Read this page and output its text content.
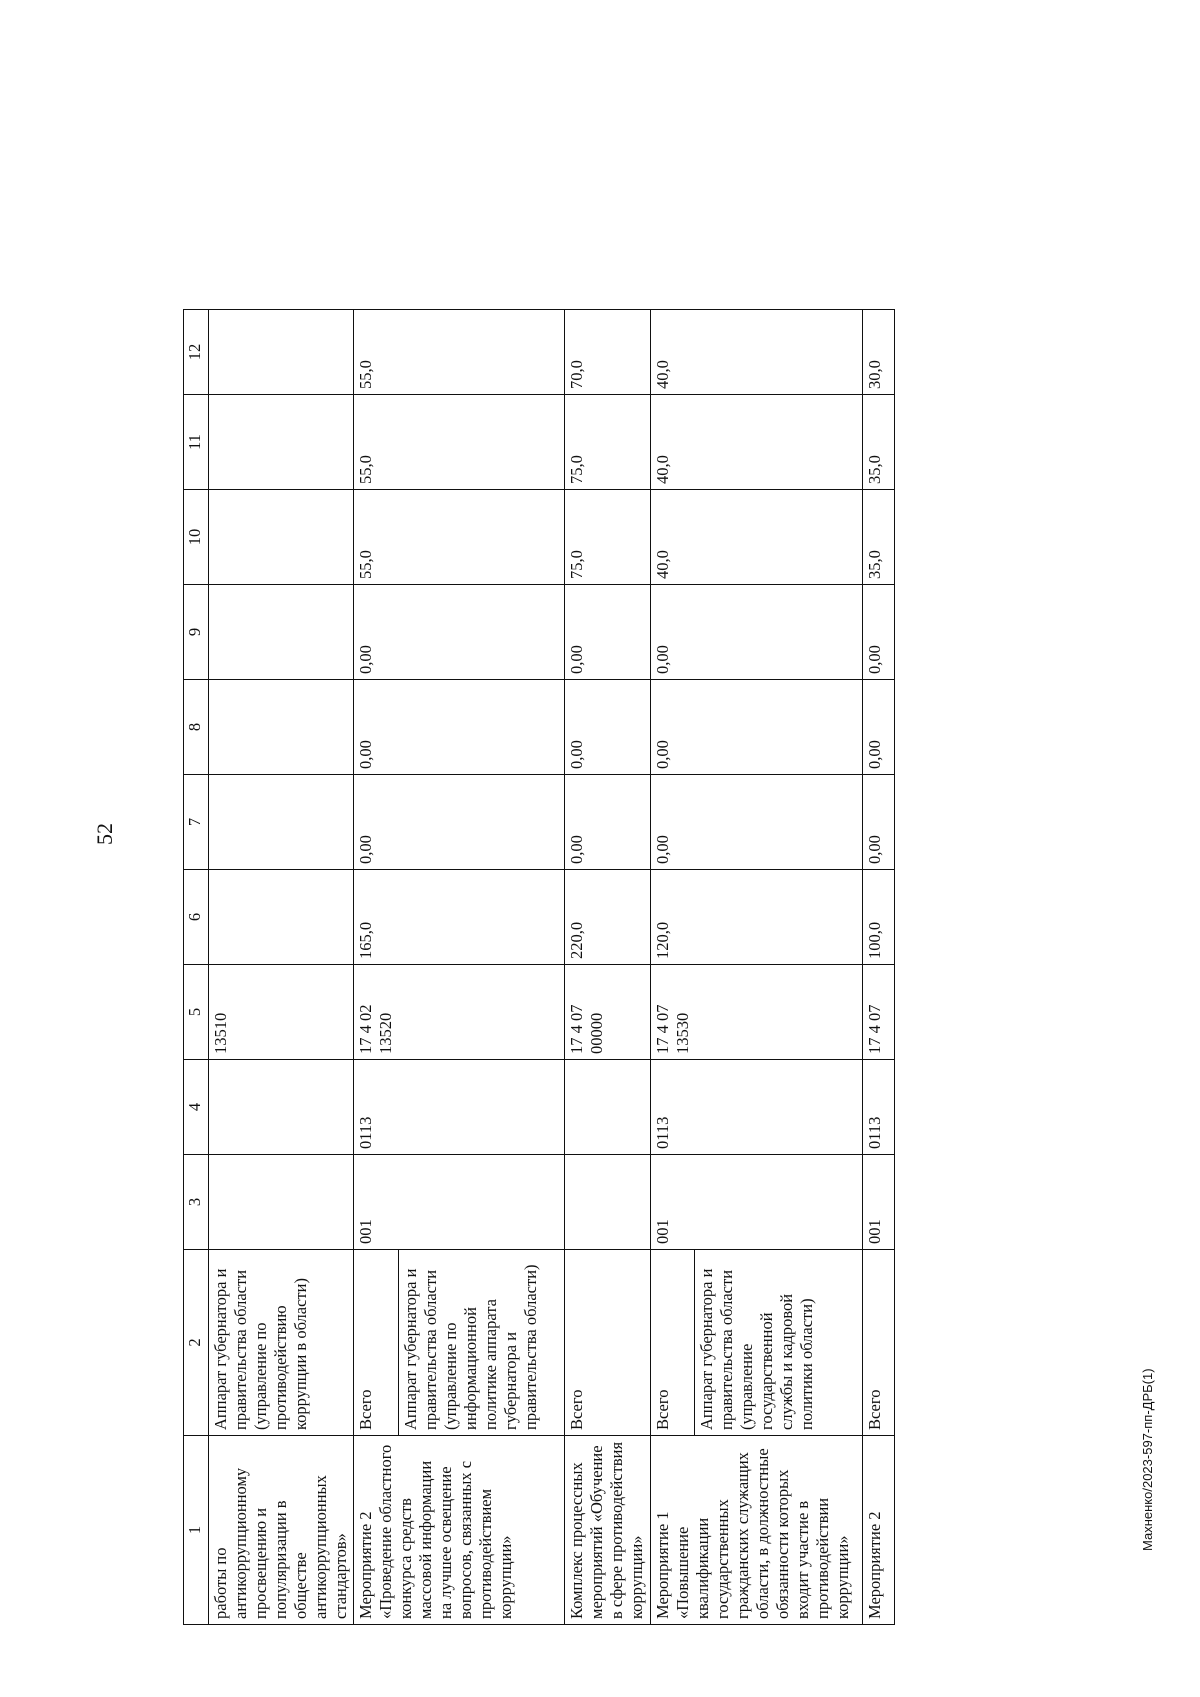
52
Махненко/2023-597-пп-ДРБ(1)
1	2	3	4	5	6	7	8	9	10	11	12
работы по антикоррупционному просвещению и популяризации в обществе антикоррупционных стандартов»	Аппарат губернатора и правительства области (управление по противодействию коррупции в области)			13510							
Мероприятие 2 «Проведение областного конкурса средств массовой информации на лучшее освещение вопросов, связанных с противодействием коррупции»	Всего	001	0113	17 4 02 13520	165,0	0,00	0,00	0,00	55,0	55,0	55,0
	Аппарат губернатора и правительства области (управление по информационной политике аппарата губернатора и правительства области)										
Комплекс процессных мероприятий «Обучение в сфере противодействия коррупции»	Всего			17 4 07 00000	220,0	0,00	0,00	0,00	75,0	75,0	70,0
Мероприятие 1 «Повышение квалификации государственных гражданских служащих области, в должностные обязанности которых входит участие в противодействии коррупции»	Всего	001	0113	17 4 07 13530	120,0	0,00	0,00	0,00	40,0	40,0	40,0
	Аппарат губернатора и правительства области (управление государственной службы и кадровой политики области)										
Мероприятие 2	Всего	001	0113	17 4 07	100,0	0,00	0,00	0,00	35,0	35,0	30,0
